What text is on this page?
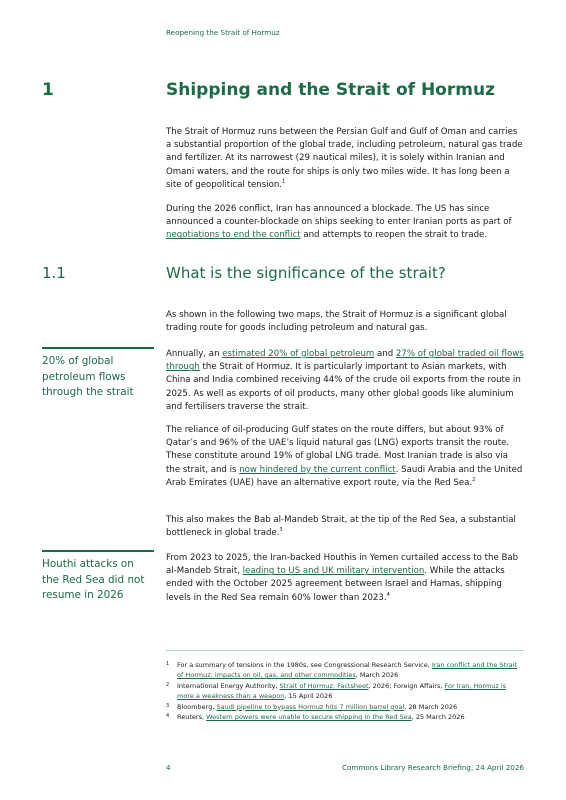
Reopening the Strait of Hormuz
1	Shipping and the Strait of Hormuz

The Strait of Hormuz runs between the Persian Gulf and Gulf of Oman and carries a substantial proportion of the global trade, including petroleum, natural gas trade and fertilizer. At its narrowest (29 nautical miles), it is solely within Iranian and Omani waters, and the route for ships is only two miles wide. It has long been a site of geopolitical tension.$^1$

During the 2026 conflict, Iran has announced a blockade. The US has since announced a counter-blockade on ships seeking to enter Iranian ports as part of negotiations to end the conflict and attempts to reopen the strait to trade.

1.1	What is the significance of the strait?

As shown in the following two maps, the Strait of Hormuz is a significant global trading route for goods including petroleum and natural gas.

Annually, an estimated 20% of global petroleum and 27% of global traded oil flows through the Strait of Hormuz. It is particularly important to Asian markets, with China and India combined receiving 44% of the crude oil exports from the route in 2025. As well as exports of oil products, many other global goods like aluminium and fertilisers traverse the strait.

The reliance of oil-producing Gulf states on the route differs, but about 93% of Qatar’s and 96% of the UAE’s liquid natural gas (LNG) exports transit the route. These constitute around 19% of global LNG trade. Most Iranian trade is also via the strait, and is now hindered by the current conflict. Saudi Arabia and the United Arab Emirates (UAE) have an alternative export route, via the Red Sea.$^2$

This also makes the Bab al-Mandeb Strait, at the tip of the Red Sea, a substantial bottleneck in global trade.$^3$

From 2023 to 2025, the Iran-backed Houthis in Yemen curtailed access to the Bab al-Mandeb Strait, leading to US and UK military intervention. While the attacks ended with the October 2025 agreement between Israel and Hamas, shipping levels in the Red Sea remain 60% lower than 2023.$^4$

20% of global petroleum flows through the strait
Houthi attacks on the Red Sea did not resume in 2026
1 For a summary of tensions in the 1980s, see Congressional Research Service, Iran conflict and the Strait of Hormuz: impacts on oil, gas, and other commodities, March 2026
2 International Energy Authority, Strait of Hormuz: Factsheet, 2026; Foreign Affairs, For Iran, Hormuz is more a weakness than a weapon, 15 April 2026
3 Bloomberg, Saudi pipeline to bypass Hormuz hits 7 million barrel goal, 28 March 2026
4 Reuters, Western powers were unable to secure shipping in the Red Sea, 25 March 2026
4	Commons Library Research Briefing, 24 April 2026
